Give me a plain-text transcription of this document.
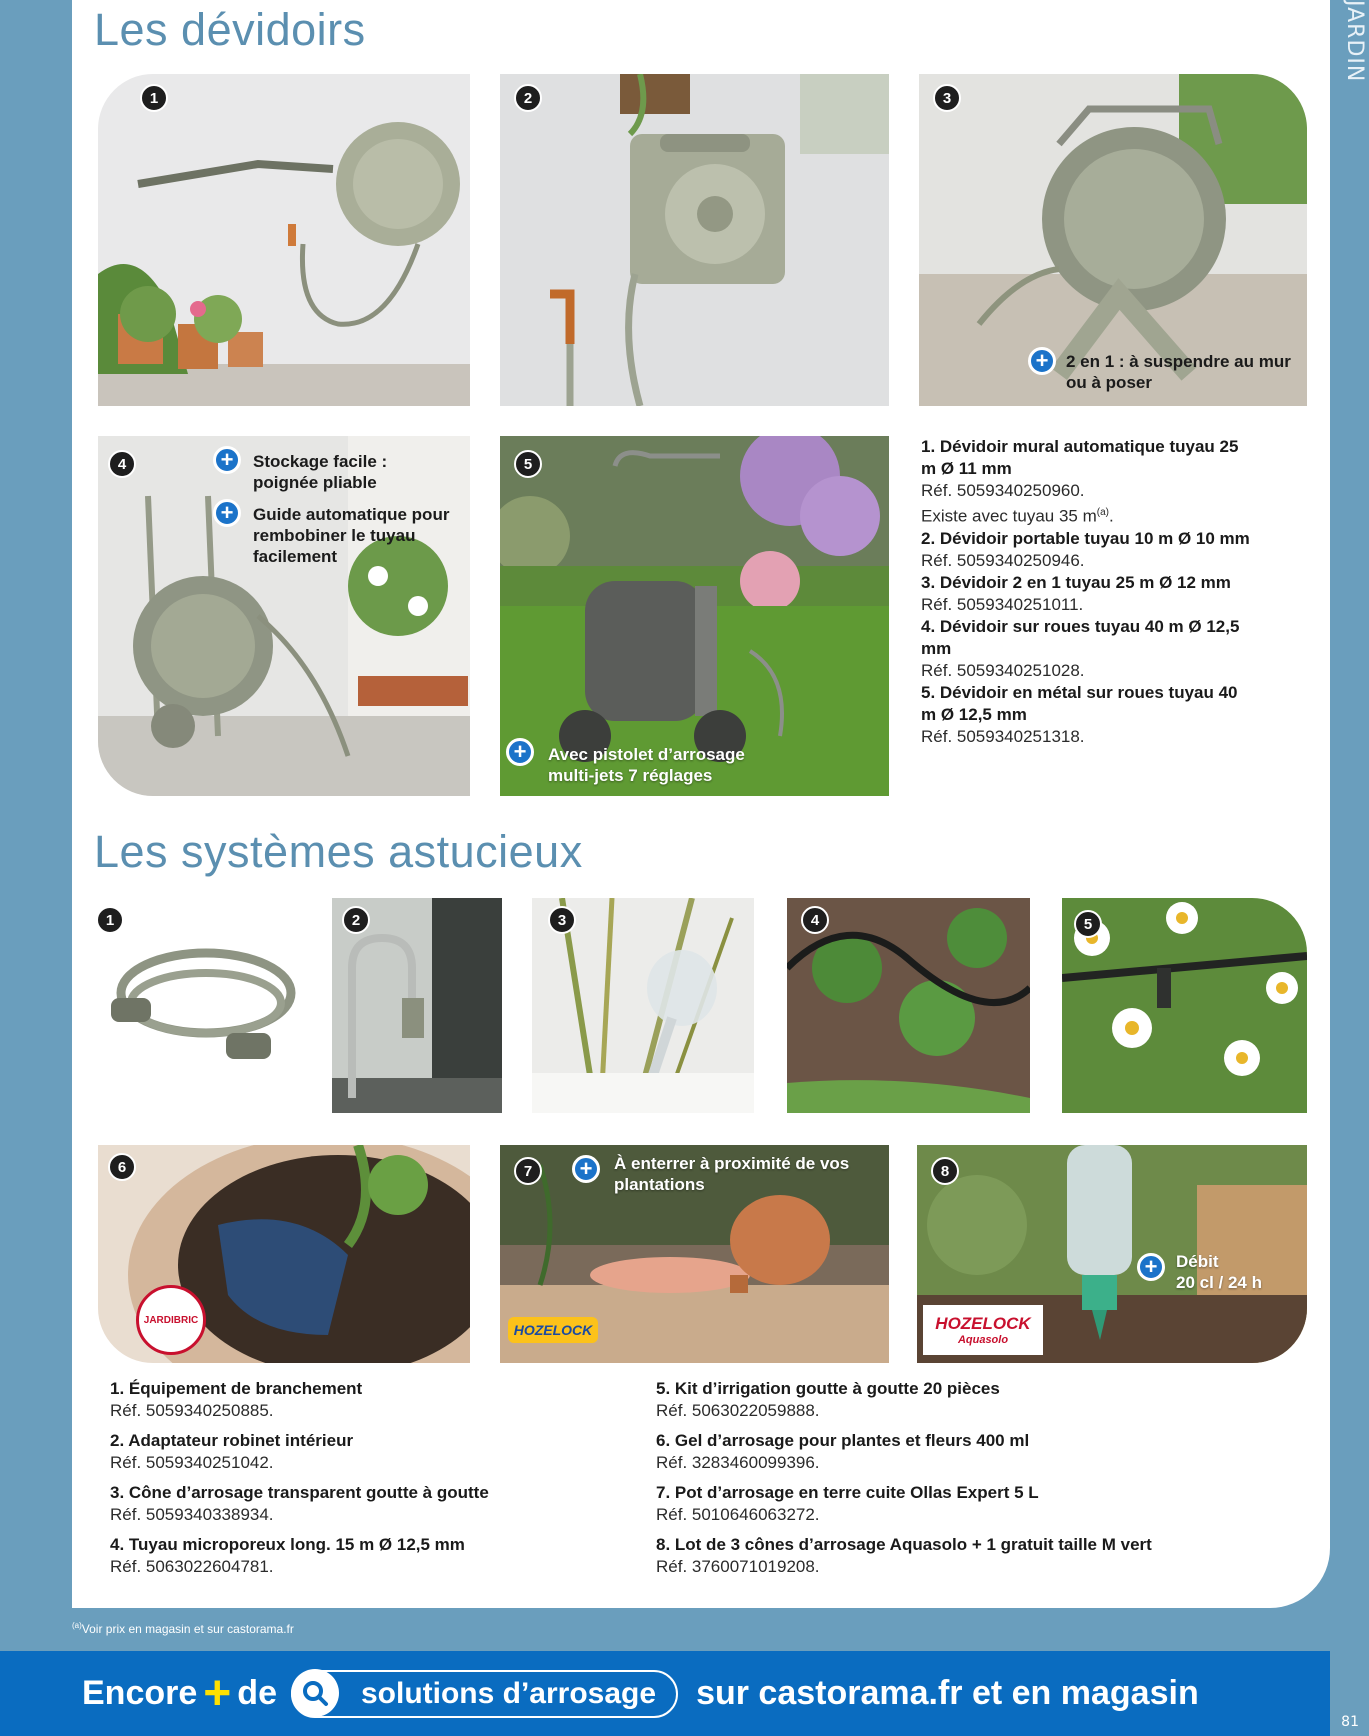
JARDIN
81
Les dévidoirs
1	2	3
+	2 en 1 : à suspendre au mur ou à poser
4	+	Stockage facile : poignée pliable
+	Guide automatique pour rembobiner le tuyau facilement
5
+	Avec pistolet d’arrosage multi-jets 7 réglages
1. Dévidoir mural automatique tuyau 25 m Ø 11 mm
Réf. 5059340250960.
Existe avec tuyau 35 $m^{(a)}$.
2. Dévidoir portable tuyau 10 m Ø 10 mm
Réf. 5059340250946.
3. Dévidoir 2 en 1 tuyau 25 m Ø 12 mm
Réf. 5059340251011.
4. Dévidoir sur roues tuyau 40 m Ø 12,5 mm
Réf. 5059340251028.
5. Dévidoir en métal sur roues tuyau 40 m Ø 12,5 mm
Réf. 5059340251318.
Les systèmes astucieux
1	2	3	4	5
6
JARDIBRIC
7	+	À enterrer à proximité de vos plantations
HOZELOCK
8
+	Débit
20 cl / 24 h
HOZELOCK
Aquasolo
1. Équipement de branchement
Réf. 5059340250885.
2. Adaptateur robinet intérieur
Réf. 5059340251042.
3. Cône d’arrosage transparent goutte à goutte
Réf. 5059340338934.
4. Tuyau microporeux long. 15 m Ø 12,5 mm
Réf. 5063022604781.
5. Kit d’irrigation goutte à goutte 20 pièces
Réf. 5063022059888.
6. Gel d’arrosage pour plantes et fleurs 400 ml
Réf. 3283460099396.
7. Pot d’arrosage en terre cuite Ollas Expert 5 L
Réf. 5010646063272.
8. Lot de 3 cônes d’arrosage Aquasolo + 1 gratuit taille M vert
Réf. 3760071019208.
$^{(a)}$Voir prix en magasin et sur castorama.fr
Encore + de	solutions d’arrosage sur castorama.fr et en magasin
